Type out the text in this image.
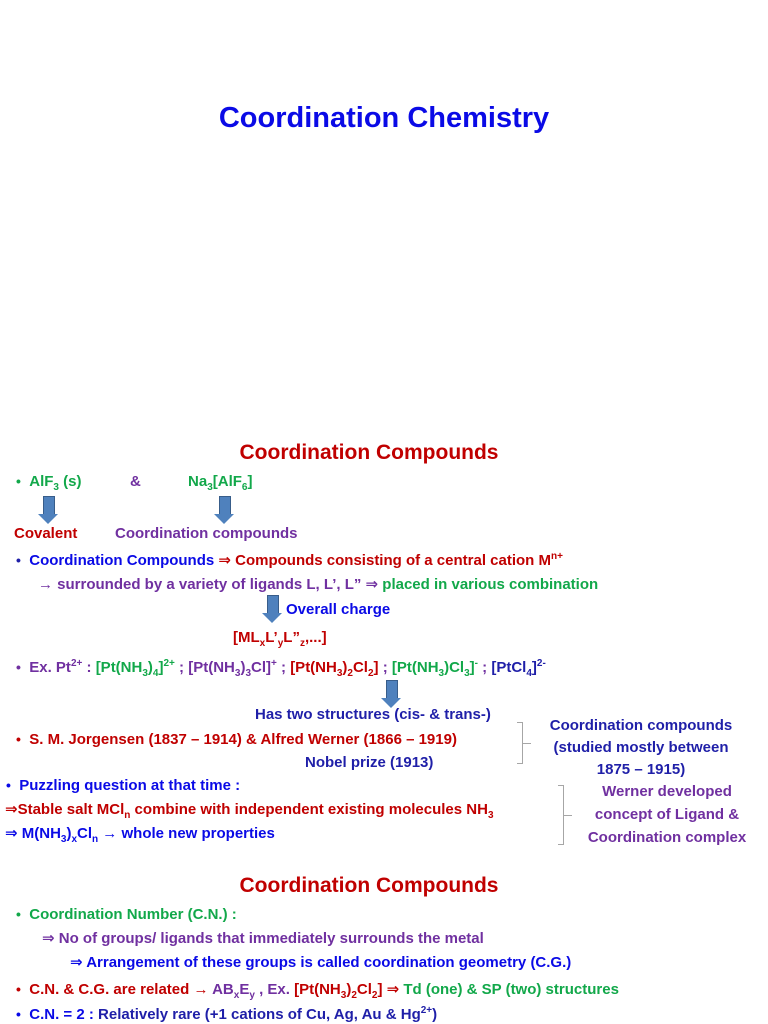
Coordination Chemistry
Coordination Compounds
• AlF$_3$ (s)	&	$Na_3[AlF_6]$
Covalent	Coordination compounds
• Coordination Compounds ⇒ Compounds consisting of a central cation $M^{n+}$
→ surrounded by a variety of ligands L, L’, L” ⇒ placed in various combination
Overall charge
$[ML_xL’_yL”_z,...]$
• Ex. $Pt^{2+}$ : $[Pt(NH_3)_4]^{2+}$ ; $[Pt(NH_3)_3Cl]^+$ ; $[Pt(NH_3)_2Cl_2]$ ; $[Pt(NH_3)Cl_3]^-$ ; [PtCl$_4$]$^{2-}$
Has two structures (cis- & trans-)
• S. M. Jorgensen (1837 – 1914) & Alfred Werner (1866 – 1919)
Nobel prize (1913)
Coordination compounds
(studied mostly between
1875 – 1915)
• Puzzling question at that time :
⇒Stable salt MCl$_n$ combine with independent existing molecules $NH_3$
⇒ $M(NH_3)_xCl_n$ → whole new properties
Werner developed
concept of Ligand &
Coordination complex
Coordination Compounds
• Coordination Number (C.N.) :
⇒ No of groups/ ligands that immediately surrounds the metal
⇒ Arrangement of these groups is called coordination geometry (C.G.)
• C.N. & C.G. are related → $AB_xE_y$ , Ex. $[Pt(NH_3)_2Cl_2]$ ⇒ Td (one) & SP (two) structures
• C.N. = 2 : Relatively rare (+1 cations of Cu, Ag, Au & $Hg^{2+}$)
